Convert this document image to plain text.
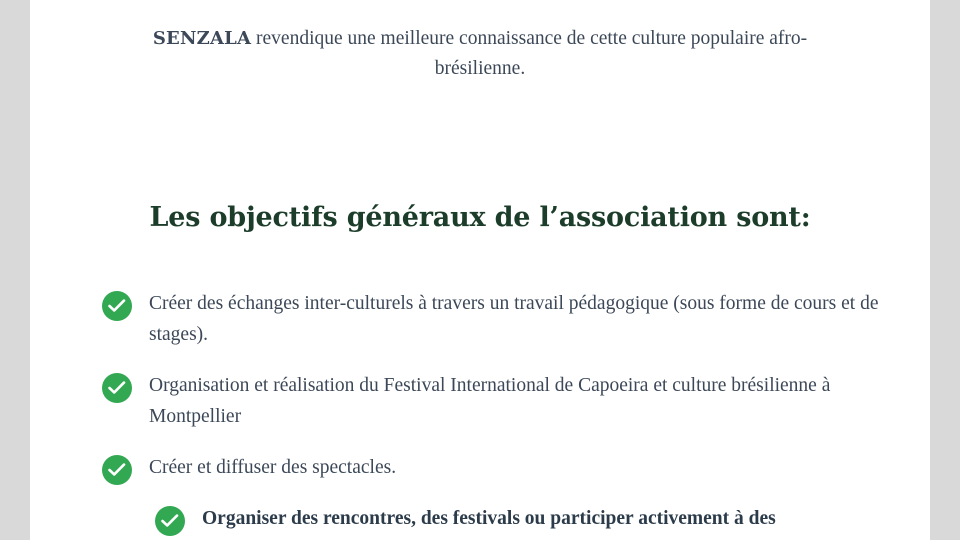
SENZALA revendique une meilleure connaissance de cette culture populaire afro-brésilienne.

Les objectifs généraux de l’association sont:
Créer des échanges inter-culturels à travers un travail pédagogique (sous forme de cours et de stages).
Organisation et réalisation du Festival International de Capoeira et culture brésilienne à Montpellier
Créer et diffuser des spectacles.
Organiser des rencontres, des festivals ou participer activement à des
